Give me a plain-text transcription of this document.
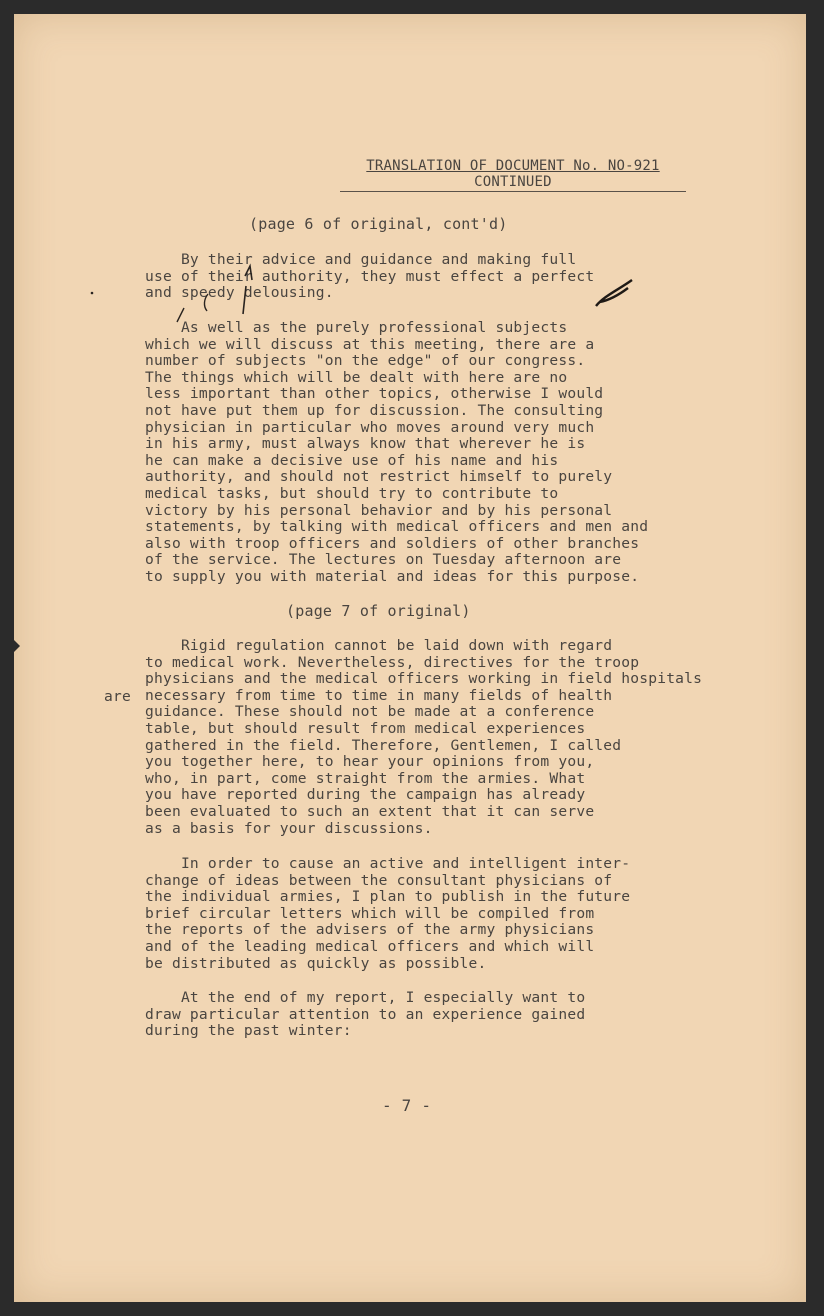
TRANSLATION OF DOCUMENT No. NO-921
CONTINUED
(page 6 of original, cont'd)
By their advice and guidance and making full
use of their authority, they must effect a perfect
and speedy delousing.
As well as the purely professional subjects
which we will discuss at this meeting, there are a
number of subjects "on the edge" of our congress.
The things which will be dealt with here are no
less important than other topics, otherwise I would
not have put them up for discussion. The consulting
physician in particular who moves around very much
in his army, must always know that wherever he is
he can make a decisive use of his name and his
authority, and should not restrict himself to purely
medical tasks, but should try to contribute to
victory by his personal behavior and by his personal
statements, by talking with medical officers and men and
also with troop officers and soldiers of other branches
of the service. The lectures on Tuesday afternoon are
to supply you with material and ideas for this purpose.
(page 7 of original)
Rigid regulation cannot be laid down with regard
to medical work. Nevertheless, directives for the troop
physicians and the medical officers working in field hospitals
necessary from time to time in many fields of health
guidance. These should not be made at a conference
table, but should result from medical experiences
gathered in the field. Therefore, Gentlemen, I called
you together here, to hear your opinions from you,
who, in part, come straight from the armies. What
you have reported during the campaign has already
been evaluated to such an extent that it can serve
as a basis for your discussions.
are
In order to cause an active and intelligent inter-
change of ideas between the consultant physicians of
the individual armies, I plan to publish in the future
brief circular letters which will be compiled from
the reports of the advisers of the army physicians
and of the leading medical officers and which will
be distributed as quickly as possible.
At the end of my report, I especially want to
draw particular attention to an experience gained
during the past winter:
- 7 -
